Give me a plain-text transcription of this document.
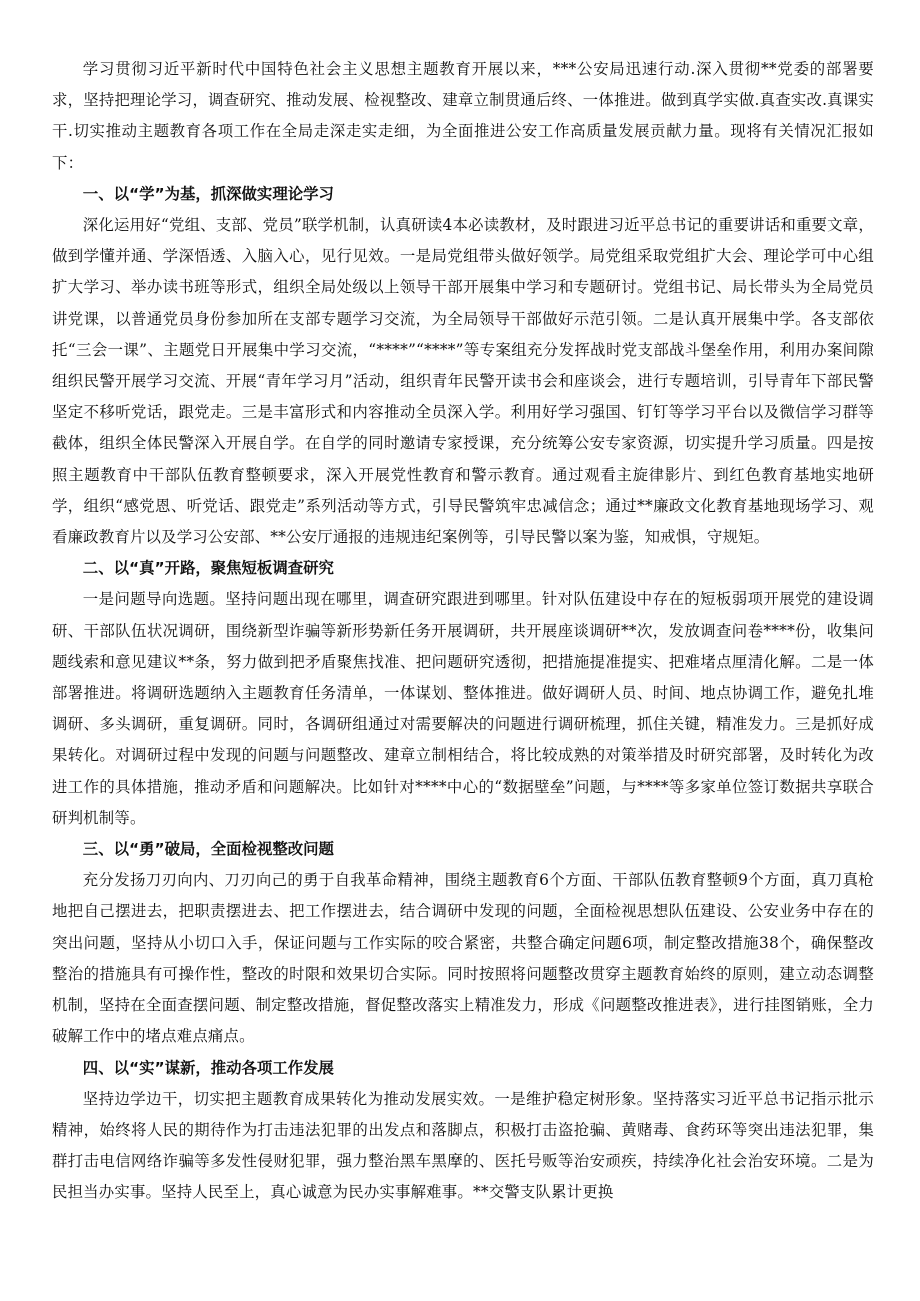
学习贯彻习近平新时代中国特色社会主义思想主题教育开展以来，***公安局迅速行动.深入贯彻**党委的部署要求，坚持把理论学习，调查研究、推动发展、检视整改、建章立制贯通后终、一体推进。做到真学实做.真查实改.真课实干.切实推动主题教育各项工作在全局走深走实走细，为全面推进公安工作高质量发展贡献力量。现将有关情况汇报如下：

一、以“学”为基，抓深做实理论学习

深化运用好“党组、支部、党员”联学机制，认真研读4本必读教材，及时跟进习近平总书记的重要讲话和重要文章，做到学懂并通、学深悟透、入脑入心，见行见效。一是局党组带头做好领学。局党组采取党组扩大会、理论学可中心组扩大学习、举办读书班等形式，组织全局处级以上领导干部开展集中学习和专题研讨。党组书记、局长带头为全局党员讲党课，以普通党员身份参加所在支部专题学习交流，为全局领导干部做好示范引领。二是认真开展集中学。各支部依托“三会一课”、主题党日开展集中学习交流，“****”“****”等专案组充分发挥战时党支部战斗堡垒作用，利用办案间隙组织民警开展学习交流、开展“青年学习月”活动，组织青年民警开读书会和座谈会，进行专题培训，引导青年下部民警坚定不移听党话，跟党走。三是丰富形式和内容推动全员深入学。利用好学习强国、钉钉等学习平台以及微信学习群等截体，组织全体民警深入开展自学。在自学的同时邀请专家授课，充分统筹公安专家资源，切实提升学习质量。四是按照主题教育中干部队伍教育整顿要求，深入开展党性教育和警示教育。通过观看主旋律影片、到红色教育基地实地研学，组织“感党恩、听党话、跟党走”系列活动等方式，引导民警筑牢忠减信念；通过**廉政文化教育基地现场学习、观看廉政教育片以及学习公安部、**公安厅通报的违规违纪案例等，引导民警以案为鉴，知戒惧，守规矩。

二、以“真”开路，聚焦短板调查研究

一是问题导向选题。坚持问题出现在哪里，调查研究跟进到哪里。针对队伍建设中存在的短板弱项开展党的建设调研、干部队伍状况调研，围绕新型诈骗等新形势新任务开展调研，共开展座谈调研**次，发放调查问卷****份，收集问题线索和意见建议**条，努力做到把矛盾聚焦找准、把问题研究透彻，把措施提准提实、把难堵点厘清化解。二是一体部署推进。将调研选题纳入主题教育任务清单，一体谋划、整体推进。做好调研人员、时间、地点协调工作，避免扎堆调研、多头调研，重复调研。同时，各调研组通过对需要解决的问题进行调研梳理，抓住关键，精准发力。三是抓好成果转化。对调研过程中发现的问题与问题整改、建章立制相结合，将比较成熟的对策举措及时研究部署，及时转化为改进工作的具体措施，推动矛盾和问题解决。比如针对****中心的“数据壁垒”问题，与****等多家单位签订数据共享联合研判机制等。

三、以“勇”破局，全面检视整改问题

充分发扬刀刃向内、刀刃向己的勇于自我革命精神，围绕主题教育6个方面、干部队伍教育整顿9个方面，真刀真枪地把自己摆进去，把职责摆进去、把工作摆进去，结合调研中发现的问题，全面检视思想队伍建设、公安业务中存在的突出问题，坚持从小切口入手，保证问题与工作实际的咬合紧密，共整合确定问题6项，制定整改措施38个，确保整改整治的措施具有可操作性，整改的时限和效果切合实际。同时按照将问题整改贯穿主题教育始终的原则，建立动态调整机制，坚持在全面查摆问题、制定整改措施，督促整改落实上精准发力，形成《问题整改推进表》，进行挂图销账，全力破解工作中的堵点难点痛点。

四、以“实”谋新，推动各项工作发展

坚持边学边干，切实把主题教育成果转化为推动发展实效。一是维护稳定树形象。坚持落实习近平总书记指示批示精神，始终将人民的期待作为打击违法犯罪的出发点和落脚点，积极打击盗抢骗、黄赌毒、食药环等突出违法犯罪，集群打击电信网络诈骗等多发性侵财犯罪，强力整治黑车黑摩的、医托号贩等治安顽疾，持续净化社会治安环境。二是为民担当办实事。坚持人民至上，真心诚意为民办实事解难事。**交警支队累计更换
